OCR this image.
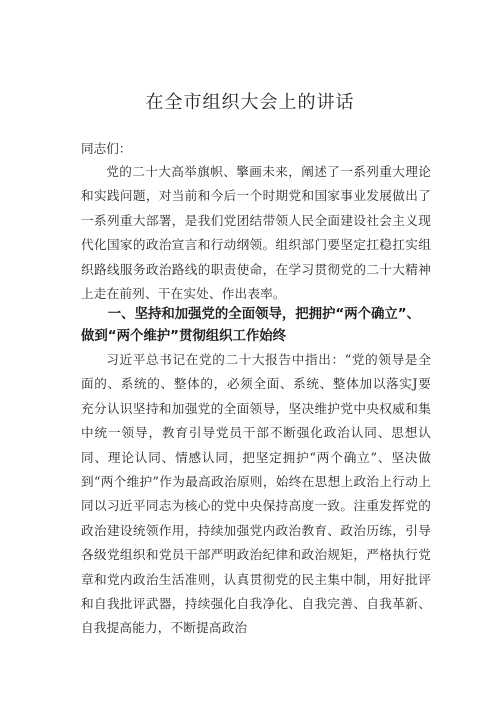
在全市组织大会上的讲话
同志们：

党的二十大高举旗帜、擎画未来，阐述了一系列重大理论和实践问题，对当前和今后一个时期党和国家事业发展做出了一系列重大部署，是我们党团结带领人民全面建设社会主义现代化国家的政治宣言和行动纲领。组织部门要坚定扛稳扛实组织路线服务政治路线的职责使命，在学习贯彻党的二十大精神上走在前列、干在实处、作出表率。

一、坚持和加强党的全面领导，把拥护“两个确立”、做到“两个维护”贯彻组织工作始终

习近平总书记在党的二十大报告中指出：“党的领导是全面的、系统的、整体的，必须全面、系统、整体加以落实J要充分认识坚持和加强党的全面领导，坚决维护党中央权威和集中统一领导，教育引导党员干部不断强化政治认同、思想认同、理论认同、情感认同，把坚定拥护“两个确立”、坚决做到“两个维护”作为最高政治原则，始终在思想上政治上行动上同以习近平同志为核心的党中央保持高度一致。注重发挥党的政治建设统领作用，持续加强党内政治教育、政治历练，引导各级党组织和党员干部严明政治纪律和政治规矩，严格执行党章和党内政治生活准则，认真贯彻党的民主集中制，用好批评和自我批评武器，持续强化自我净化、自我完善、自我革新、自我提高能力，不断提高政治
